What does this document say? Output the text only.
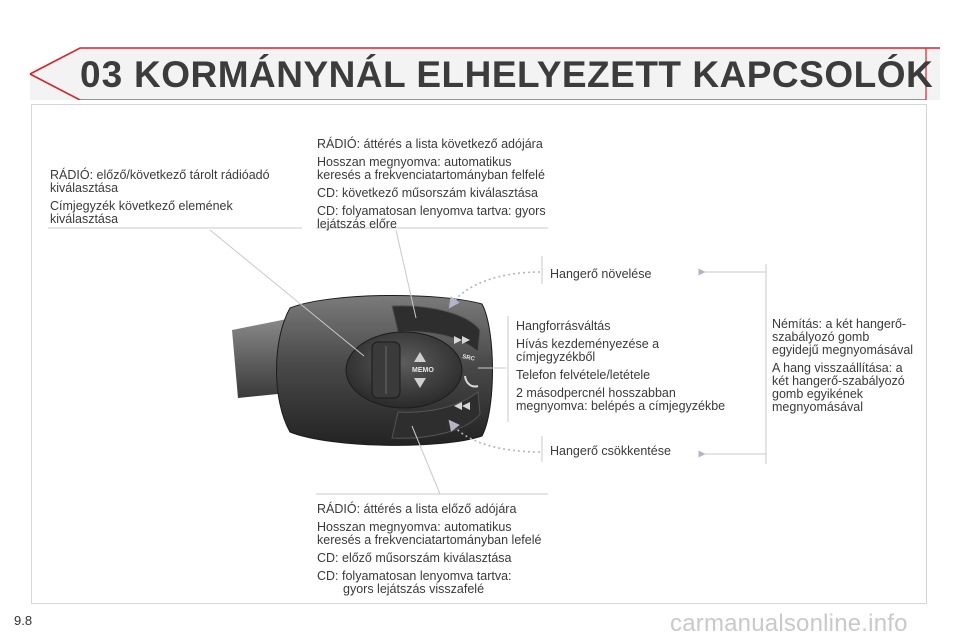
03 KORMÁNYNÁL ELHELYEZETT KAPCSOLÓK
MEMO
SRC

RÁDIÓ: előző/következő tárolt rádióadó

kiválasztása

Címjegyzék következő elemének

kiválasztása

RÁDIÓ: áttérés a lista következő adójára

Hosszan megnyomva: automatikus

keresés a frekvenciatartományban felfelé

CD: következő műsorszám kiválasztása

CD: folyamatosan lenyomva tartva: gyors

lejátszás előre

Hangerő növelése

Hangforrásváltás

Hívás kezdeményezése a

címjegyzékből

Telefon felvétele/letétele

2 másodpercnél hosszabban

megnyomva: belépés a címjegyzékbe

Némítás: a két hangerő-

szabályozó gomb

egyidejű megnyomásával

A hang visszaállítása: a

két hangerő-szabályozó

gomb egyikének

megnyomásával

Hangerő csökkentése

RÁDIÓ: áttérés a lista előző adójára

Hosszan megnyomva: automatikus

keresés a frekvenciatartományban lefelé

CD: előző műsorszám kiválasztása

CD: folyamatosan lenyomva tartva:

gyors lejátszás visszafelé

9.8	carmanualsonline.info
